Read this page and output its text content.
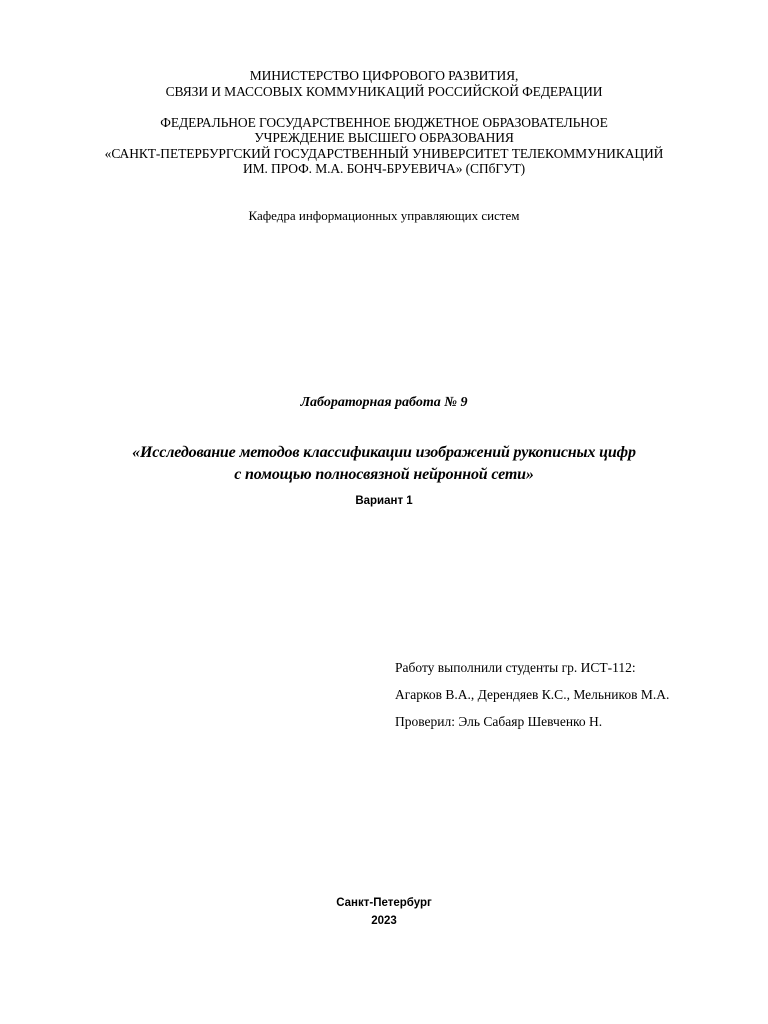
МИНИСТЕРСТВО ЦИФРОВОГО РАЗВИТИЯ,
СВЯЗИ И МАССОВЫХ КОММУНИКАЦИЙ РОССИЙСКОЙ ФЕДЕРАЦИИ
ФЕДЕРАЛЬНОЕ ГОСУДАРСТВЕННОЕ БЮДЖЕТНОЕ ОБРАЗОВАТЕЛЬНОЕ
УЧРЕЖДЕНИЕ ВЫСШЕГО ОБРАЗОВАНИЯ
«САНКТ-ПЕТЕРБУРГСКИЙ ГОСУДАРСТВЕННЫЙ УНИВЕРСИТЕТ ТЕЛЕКОММУНИКАЦИЙ
ИМ. ПРОФ. М.А. БОНЧ-БРУЕВИЧА» (СПбГУТ)
Кафедра информационных управляющих систем
Лабораторная работа № 9
«Исследование методов классификации изображений рукописных цифр
с помощью полносвязной нейронной сети»
Вариант 1
Работу выполнили студенты гр. ИСТ-112:
Агарков В.А., Дерендяев К.С., Мельников М.А.
Проверил: Эль Сабаяр Шевченко Н.
Санкт-Петербург
2023
